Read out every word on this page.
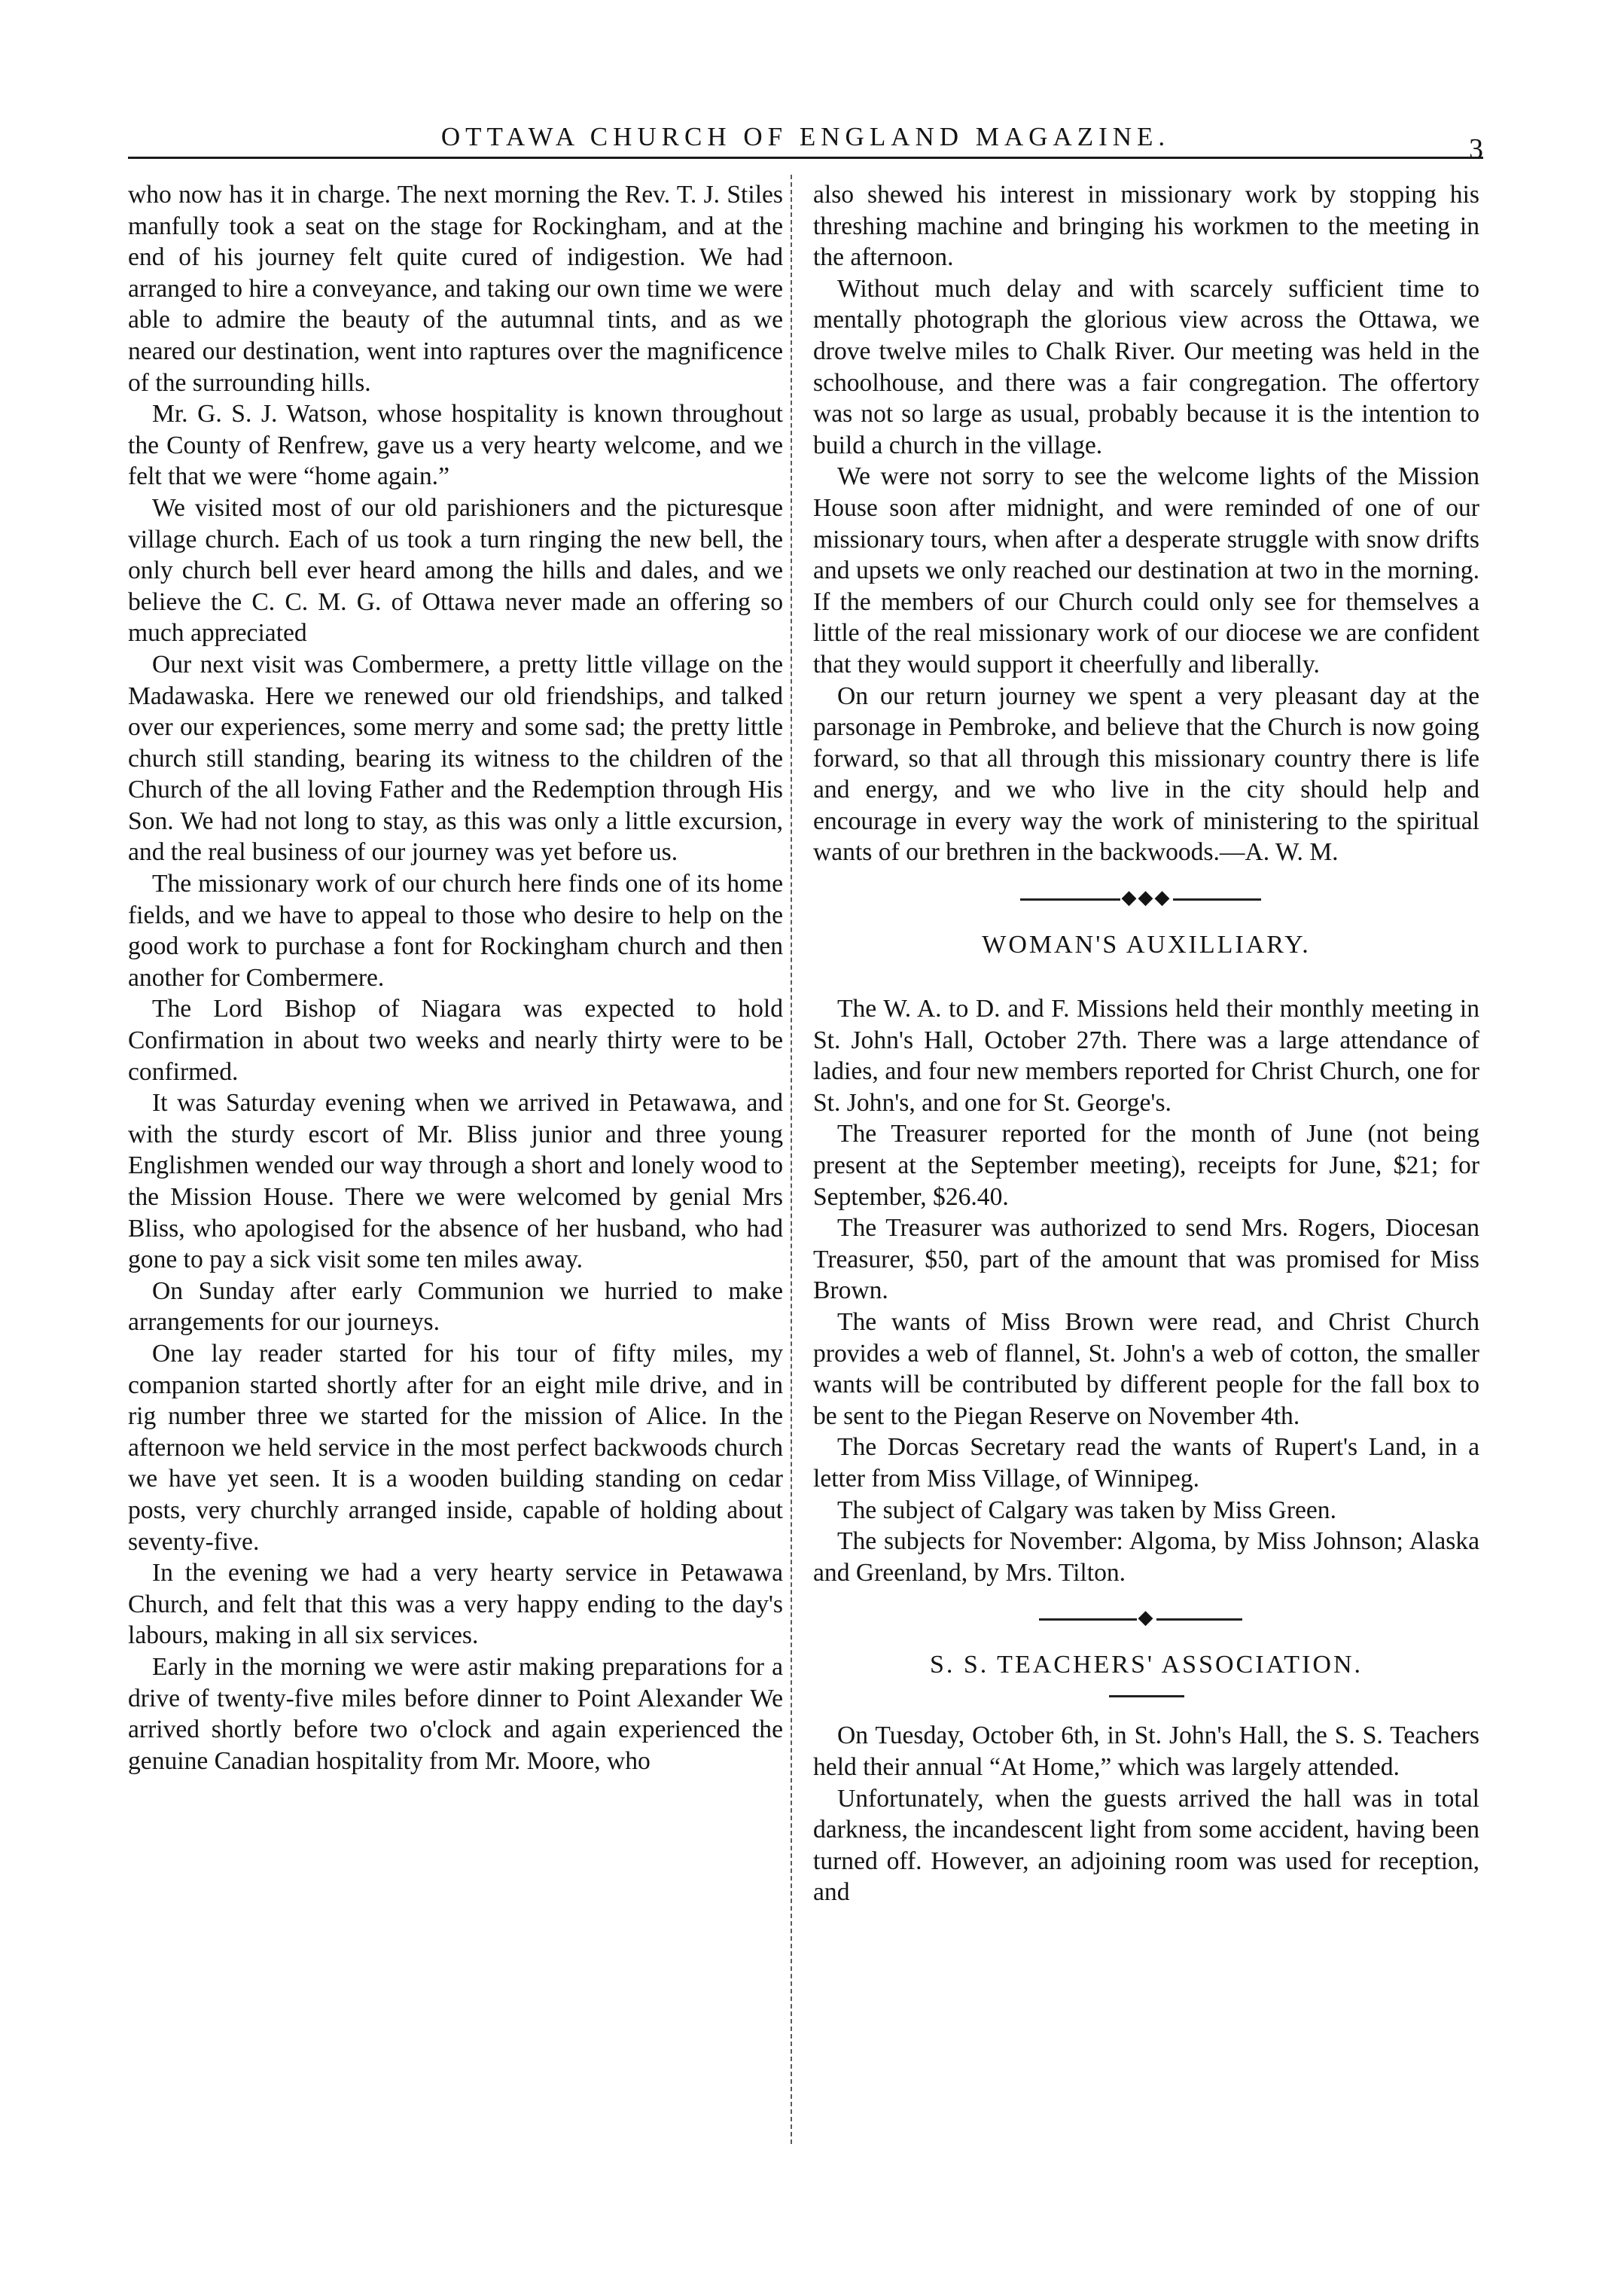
OTTAWA CHURCH OF ENGLAND MAGAZINE.	3

who now has it in charge. The next morning the Rev. T. J. Stiles manfully took a seat on the stage for Rockingham, and at the end of his journey felt quite cured of indigestion. We had arranged to hire a conveyance, and taking our own time we were able to admire the beauty of the autumnal tints, and as we neared our destination, went into raptures over the magnificence of the surrounding hills.

Mr. G. S. J. Watson, whose hospitality is known throughout the County of Renfrew, gave us a very hearty welcome, and we felt that we were “home again.”

We visited most of our old parishioners and the picturesque village church. Each of us took a turn ringing the new bell, the only church bell ever heard among the hills and dales, and we believe the C. C. M. G. of Ottawa never made an offering so much appreciated

Our next visit was Combermere, a pretty little village on the Madawaska. Here we renewed our old friendships, and talked over our experiences, some merry and some sad; the pretty little church still standing, bearing its witness to the children of the Church of the all loving Father and the Redemption through His Son. We had not long to stay, as this was only a little excursion, and the real business of our journey was yet before us.

The missionary work of our church here finds one of its home fields, and we have to appeal to those who desire to help on the good work to purchase a font for Rockingham church and then another for Combermere.

The Lord Bishop of Niagara was expected to hold Confirmation in about two weeks and nearly thirty were to be confirmed.

It was Saturday evening when we arrived in Petawawa, and with the sturdy escort of Mr. Bliss junior and three young Englishmen wended our way through a short and lonely wood to the Mission House. There we were welcomed by genial Mrs Bliss, who apologised for the absence of her husband, who had gone to pay a sick visit some ten miles away.

On Sunday after early Communion we hurried to make arrangements for our journeys.

One lay reader started for his tour of fifty miles, my companion started shortly after for an eight mile drive, and in rig number three we started for the mission of Alice. In the afternoon we held service in the most perfect backwoods church we have yet seen. It is a wooden building standing on cedar posts, very churchly arranged inside, capable of holding about seventy-five.

In the evening we had a very hearty service in Petawawa Church, and felt that this was a very happy ending to the day's labours, making in all six services.

Early in the morning we were astir making preparations for a drive of twenty-five miles before dinner to Point Alexander We arrived shortly before two o'clock and again experienced the genuine Canadian hospitality from Mr. Moore, who

also shewed his interest in missionary work by stopping his threshing machine and bringing his workmen to the meeting in the afternoon.

Without much delay and with scarcely sufficient time to mentally photograph the glorious view across the Ottawa, we drove twelve miles to Chalk River. Our meeting was held in the schoolhouse, and there was a fair congregation. The offertory was not so large as usual, probably because it is the intention to build a church in the village.

We were not sorry to see the welcome lights of the Mission House soon after midnight, and were reminded of one of our missionary tours, when after a desperate struggle with snow drifts and upsets we only reached our destination at two in the morning. If the members of our Church could only see for themselves a little of the real missionary work of our diocese we are confident that they would support it cheerfully and liberally.

On our return journey we spent a very pleasant day at the parsonage in Pembroke, and believe that the Church is now going forward, so that all through this missionary country there is life and energy, and we who live in the city should help and encourage in every way the work of ministering to the spiritual wants of our brethren in the backwoods.—A. W. M.

◆◆◆
WOMAN'S AUXILLIARY.

The W. A. to D. and F. Missions held their monthly meeting in St. John's Hall, October 27th. There was a large attendance of ladies, and four new members reported for Christ Church, one for St. John's, and one for St. George's.

The Treasurer reported for the month of June (not being present at the September meeting), receipts for June, $21; for September, $26.40.

The Treasurer was authorized to send Mrs. Rogers, Diocesan Treasurer, $50, part of the amount that was promised for Miss Brown.

The wants of Miss Brown were read, and Christ Church provides a web of flannel, St. John's a web of cotton, the smaller wants will be contributed by different people for the fall box to be sent to the Piegan Reserve on November 4th.

The Dorcas Secretary read the wants of Rupert's Land, in a letter from Miss Village, of Winnipeg.

The subject of Calgary was taken by Miss Green.

The subjects for November: Algoma, by Miss Johnson; Alaska and Greenland, by Mrs. Tilton.

◆
S. S. TEACHERS' ASSOCIATION.

On Tuesday, October 6th, in St. John's Hall, the S. S. Teachers held their annual “At Home,” which was largely attended.

Unfortunately, when the guests arrived the hall was in total darkness, the incandescent light from some accident, having been turned off. However, an adjoining room was used for reception, and
